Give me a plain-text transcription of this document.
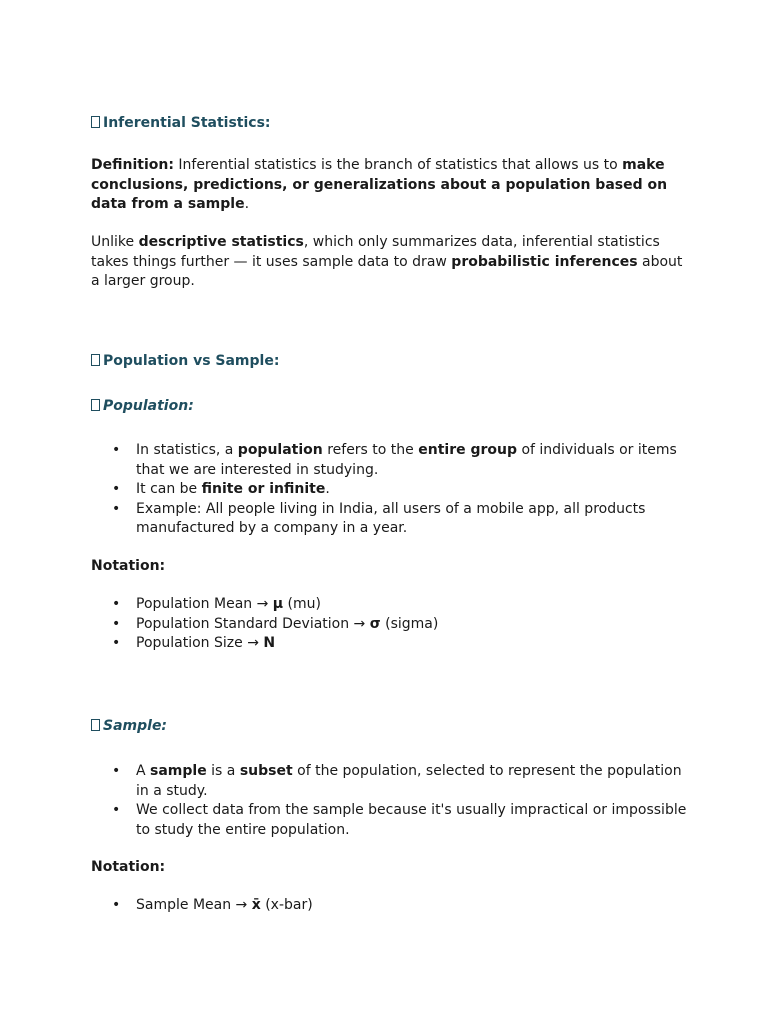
Inferential Statistics:

Definition: Inferential statistics is the branch of statistics that allows us to make conclusions, predictions, or generalizations about a population based on data from a sample.

Unlike descriptive statistics, which only summarizes data, inferential statistics takes things further — it uses sample data to draw probabilistic inferences about a larger group.

Population vs Sample:
Population:
• In statistics, a population refers to the entire group of individuals or items that we are interested in studying.
• It can be finite or infinite.
• Example: All people living in India, all users of a mobile app, all products manufactured by a company in a year.

Notation:

• Population Mean → μ (mu)
• Population Standard Deviation → σ (sigma)
• Population Size → N
Sample:
• A sample is a subset of the population, selected to represent the population in a study.
• We collect data from the sample because it's usually impractical or impossible to study the entire population.

Notation:

• Sample Mean → x̄ (x-bar)
